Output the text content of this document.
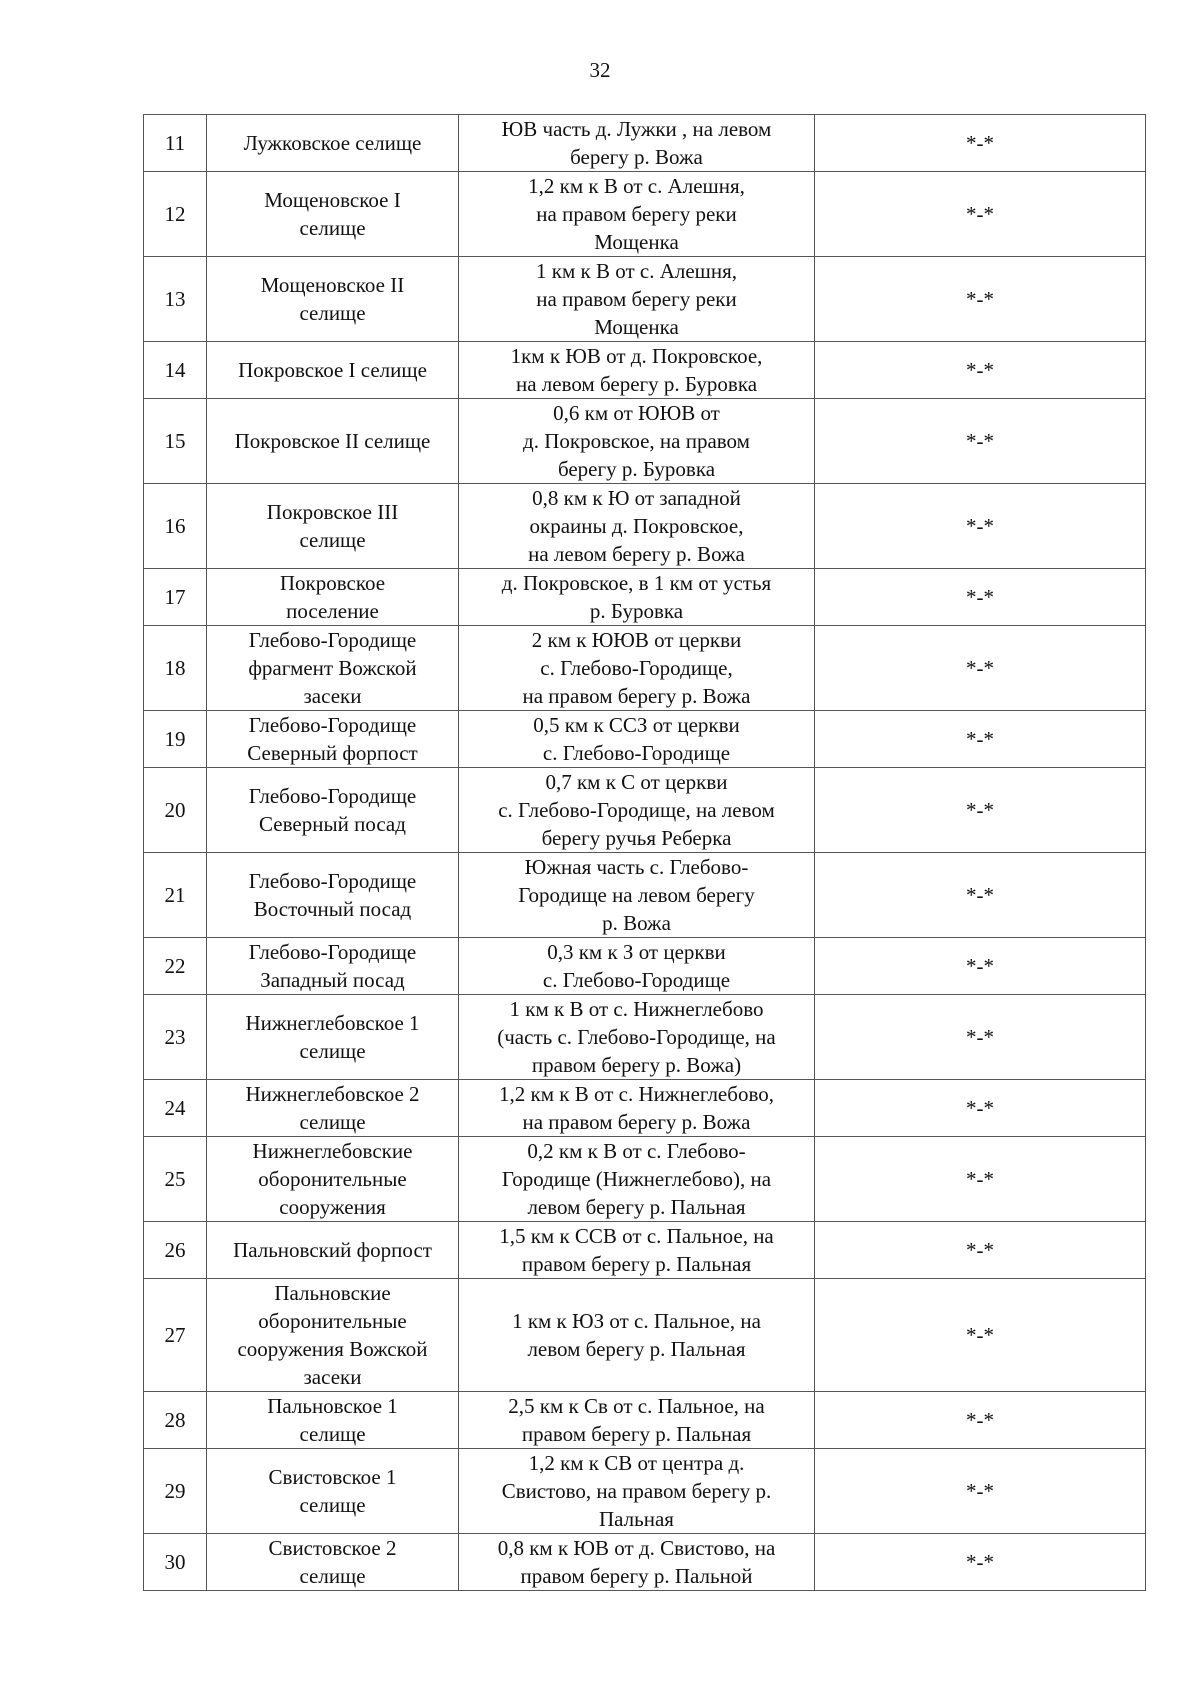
32
11	Лужковское селище	ЮВ часть д. Лужки , на левом
берегу р. Вожа	*-*
12	Мощеновское I
селище	1,2 км к В от с. Алешня,
на правом берегу реки
Мощенка	*-*
13	Мощеновское II
селище	1 км к В от с. Алешня,
на правом берегу реки
Мощенка	*-*
14	Покровское I селище	1км к ЮВ от д. Покровское,
на левом берегу р. Буровка	*-*
15	Покровское II селище	0,6 км от ЮЮВ от
д. Покровское, на правом
берегу р. Буровка	*-*
16	Покровское III
селище	0,8 км к Ю от западной
окраины д. Покровское,
на левом берегу р. Вожа	*-*
17	Покровское
поселение	д. Покровское, в 1 км от устья
р. Буровка	*-*
18	Глебово-Городище
фрагмент Вожской
засеки	2 км к ЮЮВ от церкви
с. Глебово-Городище,
на правом берегу р. Вожа	*-*
19	Глебово-Городище
Северный форпост	0,5 км к ССЗ от церкви
с. Глебово-Городище	*-*
20	Глебово-Городище
Северный посад	0,7 км к С от церкви
с. Глебово-Городище, на левом
берегу ручья Реберка	*-*
21	Глебово-Городище
Восточный посад	Южная часть с. Глебово-
Городище на левом берегу
р. Вожа	*-*
22	Глебово-Городище
Западный посад	0,3 км к З от церкви
с. Глебово-Городище	*-*
23	Нижнеглебовское 1
селище	1 км к В от с. Нижнеглебово
(часть с. Глебово-Городище, на
правом берегу р. Вожа)	*-*
24	Нижнеглебовское 2
селище	1,2 км к В от с. Нижнеглебово,
на правом берегу р. Вожа	*-*
25	Нижнеглебовские
оборонительные
сооружения	0,2 км к В от с. Глебово-
Городище (Нижнеглебово), на
левом берегу р. Пальная	*-*
26	Пальновский форпост	1,5 км к ССВ от с. Пальное, на
правом берегу р. Пальная	*-*
27	Пальновские
оборонительные
сооружения Вожской
засеки	1 км к ЮЗ от с. Пальное, на
левом берегу р. Пальная	*-*
28	Пальновское 1
селище	2,5 км к Св от с. Пальное, на
правом берегу р. Пальная	*-*
29	Свистовское 1
селище	1,2 км к СВ от центра д.
Свистово, на правом берегу р.
Пальная	*-*
30	Свистовское 2
селище	0,8 км к ЮВ от д. Свистово, на
правом берегу р. Пальной	*-*
